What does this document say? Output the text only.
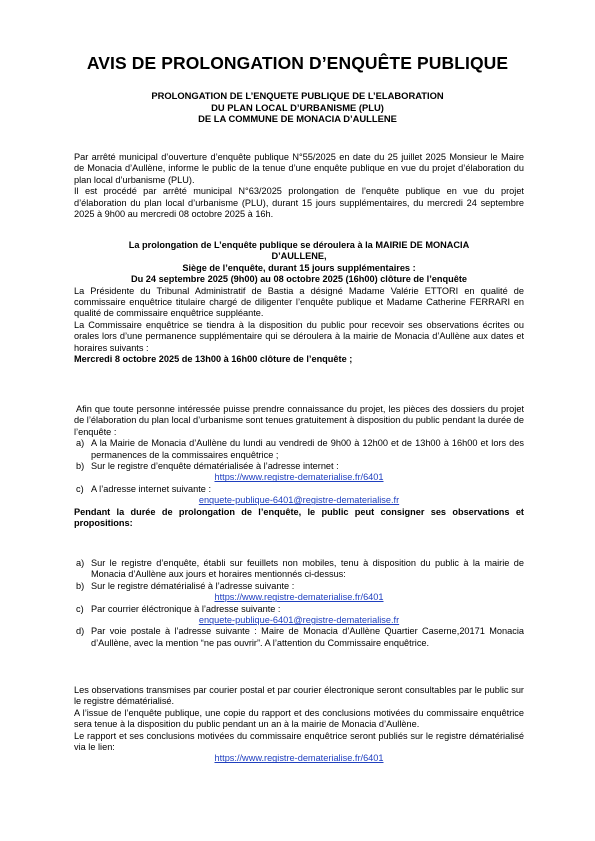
AVIS DE PROLONGATION D’ENQUÊTE PUBLIQUE
PROLONGATION DE L’ENQUETE PUBLIQUE DE L’ELABORATION
DU PLAN LOCAL D’URBANISME (PLU)
DE LA COMMUNE DE MONACIA D’AULLENE

Par arrêté municipal d’ouverture d’enquête publique N°55/2025 en date du 25 juillet 2025 Monsieur le Maire de Monacia d’Aullène, informe le public de la tenue d’une enquête publique en vue du projet d’élaboration du plan local d’urbanisme (PLU).

Il est procédé par arrêté municipal N°63/2025 prolongation de l’enquête publique en vue du projet d’élaboration du plan local d’urbanisme (PLU), durant 15 jours supplémentaires, du mercredi 24 septembre 2025 à 9h00 au mercredi 08 octobre 2025 à 16h.

La prolongation de L’enquête publique se déroulera à la MAIRIE DE MONACIA D’AULLENE,

Siège de l’enquête, durant 15 jours supplémentaires :

Du 24 septembre 2025 (9h00) au 08 octobre 2025 (16h00) clôture de l’enquête

La Présidente du Tribunal Administratif de Bastia a désigné Madame Valérie ETTORI en qualité de commissaire enquêtrice titulaire chargé de diligenter l’enquête publique et Madame Catherine FERRARI en qualité de commissaire enquêtrice suppléante.

La Commissaire enquêtrice se tiendra à la disposition du public pour recevoir ses observations écrites ou orales lors d’une permanence supplémentaire qui se déroulera à la mairie de Monacia d’Aullène aux dates et horaires suivants :

Mercredi 8 octobre 2025 de 13h00 à 16h00 clôture de l’enquête ;

Afin que toute personne intéressée puisse prendre connaissance du projet, les pièces des dossiers du projet de l’élaboration du plan local d’urbanisme sont tenues gratuitement à disposition du public pendant la durée de l’enquête :

a) A la Mairie de Monacia d’Aullène du lundi au vendredi de 9h00 à 12h00 et de 13h00 à 16h00 et lors des permanences de la commissaires enquêtrice ;
b) Sur le registre d’enquête dématérialisée à l’adresse internet :
https://www.registre-dematerialise.fr/6401
c) A l’adresse internet suivante :
enquete-publique-6401@registre-dematerialise.fr

Pendant la durée de prolongation de l’enquête, le public peut consigner ses observations et propositions:

a) Sur le registre d’enquête, établi sur feuillets non mobiles, tenu à disposition du public à la mairie de Monacia d’Aullène aux jours et horaires mentionnés ci-dessus:
b) Sur le registre dématérialisé à l’adresse suivante :
https://www.registre-dematerialise.fr/6401
c) Par courrier éléctronique à l’adresse suivante :
enquete-publique-6401@registre-dematerialise.fr
d) Par voie postale à l’adresse suivante : Maire de Monacia d’Aullène Quartier Caserne,20171 Monacia d’Aullène, avec la mention “ne pas ouvrir”. A l’attention du Commissaire enquêtrice.

Les observations transmises par courier postal et par courier électronique seront consultables par le public sur le registre dématérialisé.

A l’issue de l’enquête publique, une copie du rapport et des conclusions motivées du commissaire enquêtrice sera tenue à la disposition du public pendant un an à la mairie de Monacia d’Aullène.

Le rapport et ses conclusions motivées du commissaire enquêtrice seront publiés sur le registre dématérialisé via le lien:

https://www.registre-dematerialise.fr/6401
